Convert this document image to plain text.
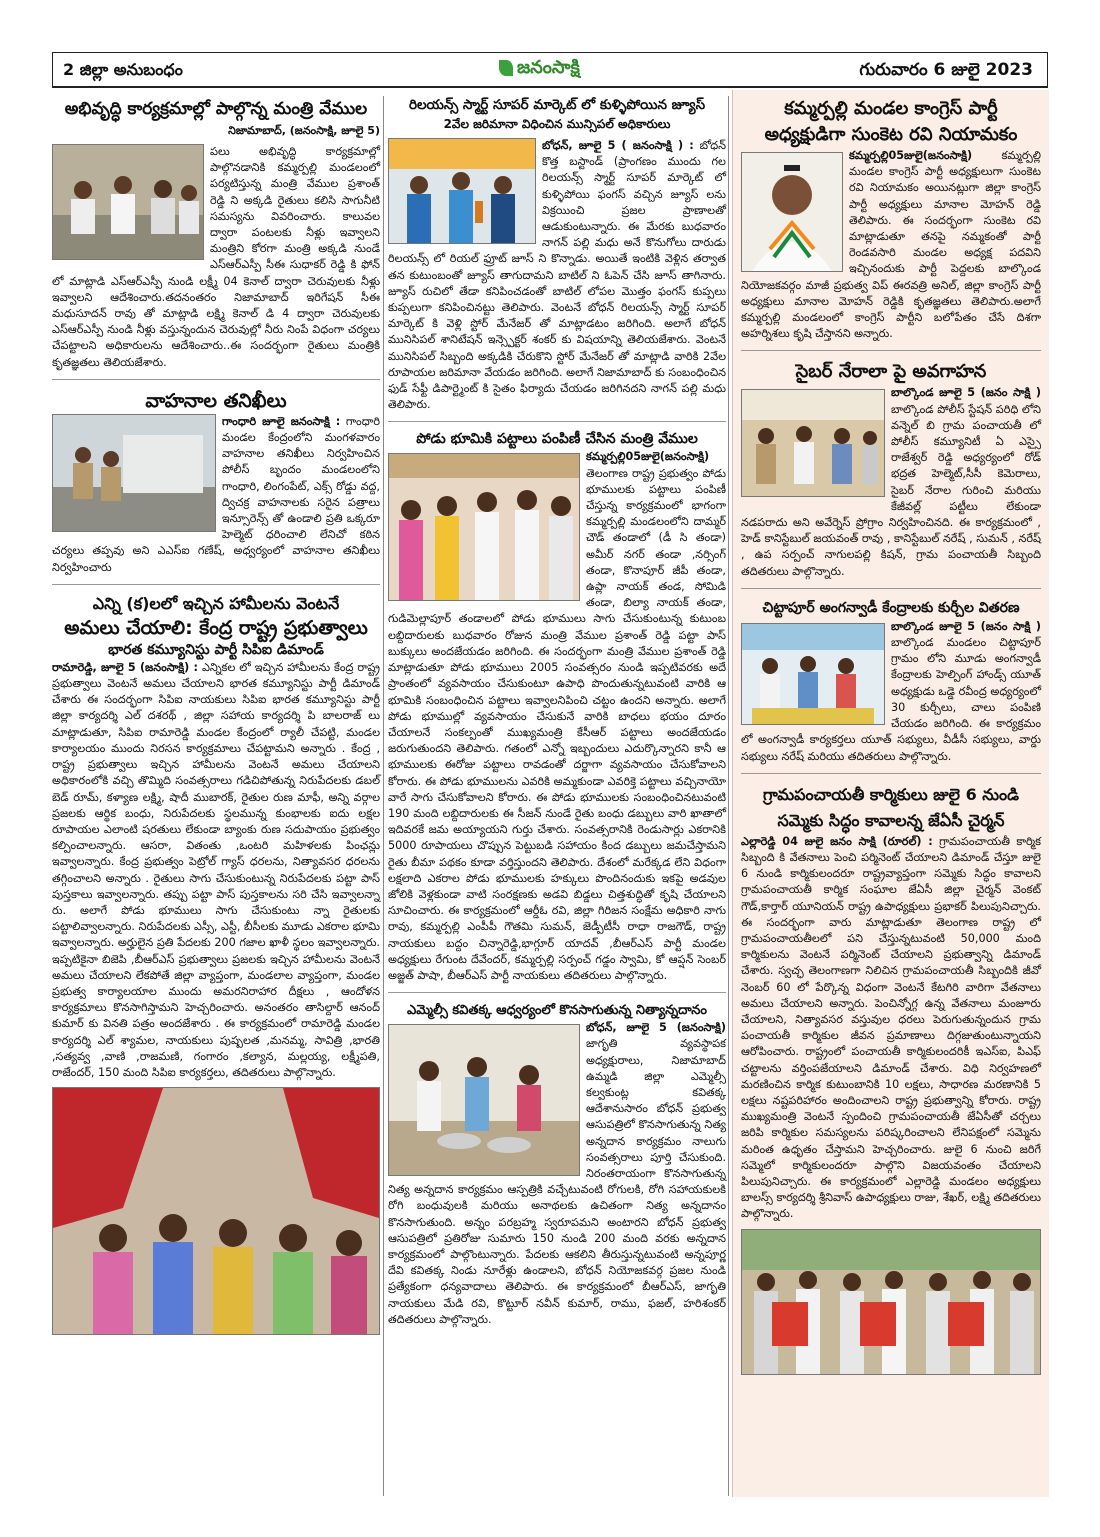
2 జిల్లా అనుబంధం	జనంసాక్షి	గురువారం 6 జులై 2023
అభివృద్ధి కార్యక్రమాల్లో పాల్గొన్న మంత్రి వేముల
నిజామాబాద్, (జనంసాక్షి, జూలై 5)

పలు అభివృద్ధి కార్యక్రమాల్లో పాల్గొనడానికి కమ్మర్పల్లి మండలంలో పర్యటిస్తున్న మంత్రి వేముల ప్రశాంత్ రెడ్డి ని అక్కడి రైతులు కలిసి సాగునీటి సమస్యను వివరించారు. కాలువల ద్వారా పంటలకు నీళ్లు ఇవ్వాలని మంత్రిని కోరగా మంత్రి అక్కడి నుండే ఎస్ఆర్ఎస్పీ సీఈ సుధాకర్ రెడ్డి కి ఫోన్ లో మాట్లాడి ఎస్ఆర్ఎస్పీ నుండి లక్ష్మీ 04 కెనాల్ ద్వారా చెరువులకు నీళ్లు ఇవ్వాలని ఆదేశించారు.తదనంతరం నిజామాబాద్ ఇరిగేషన్ సీఈ మధుసూదన్ రావు తో మాట్లాడి లక్ష్మి కెనాల్ డి 4 ద్వారా చెరువులకు ఎస్ఆర్ఎస్పీ నుండి నీళ్లు వస్తున్నందున చెరువుల్లో నీరు నింపే విధంగా చర్యలు చేపట్టాలని అధికారులను ఆదేశించారు..ఈ సందర్భంగా రైతులు మంత్రికి కృతజ్ఞతలు తెలియజేశారు.

వాహనాల తనిఖీలు

గాంధారి జూలై జనంసాక్షి : గాంధారి మండల కేంద్రంలోని మంగళవారం వాహనాల తనిఖీలు నిర్వహించిన పోలీస్ బృందం మండలంలోని గాంధారి, లింగంపేట్, ఎక్స్ రోడ్డు వద్ద, ద్విచక్ర వాహనాలకు సరైన పత్రాలు ఇన్సూరెన్స్ తో ఉండాలి ప్రతి ఒక్కరూ హెల్మెట్ ధరించాలి లేనిచో కఠిన చర్యలు తప్పవు అని ఎఎస్ఐ గణేష్, అధ్వర్యంలో వాహనాల తనిఖీలు నిర్వహించారు

ఎన్ని (క)లలో ఇచ్చిన హామీలను వెంటనే
అమలు చేయాలి: కేంద్ర రాష్ట్ర ప్రభుత్వాలు
భారత కమ్యూనిస్టు పార్టీ సిపిఐ డిమాండ్

రామారెడ్డి, జూలై 5 (జనంసాక్షి) : ఎన్నికల లో ఇచ్చిన హామీలను కేంద్ర రాష్ట్ర ప్రభుత్వాలు వెంటనే అమలు చేయాలని భారత కమ్యూనిస్టు పార్టీ డిమాండ్ చేశారు ఈ సందర్భంగా సిపిఐ నాయకులు సిపిఐ భారత కమ్యూనిస్టు పార్టీ జిల్లా కార్యదర్శి ఎల్ దశరథ్ , జిల్లా సహాయ కార్యదర్శి పి బాలరాజ్ లు మాట్లాడుతూ, సిపిఐ రామారెడ్డి మండల కేంద్రంలో ర్యాలీ చేపట్టి, మండల కార్యాలయం ముందు నిరసన కార్యక్రమాలు చేపట్టామని అన్నారు . కేంద్ర , రాష్ట్ర ప్రభుత్వాలు ఇచ్చిన హామీలను వెంటనే అమలు చేయాలని అధికారంలోకి వచ్చి తొమ్మిది సంవత్సరాలు గడిచిపోతున్న నిరుపేదలకు డబల్ బెడ్ రూమ్, కళ్యాణ లక్ష్మి, షాదీ ముబారక్, రైతుల రుణ మాఫీ, అన్ని వర్గాల ప్రజలకు ఆర్థిక బంధు, నిరుపేదలకు స్థలమున్న కుంభాలకు ఐదు లక్షల రూపాయల ఎలాంటి షరతులు లేకుండా బ్యాంకు రుణ సదుపాయం ప్రభుత్వం కల్పించాలన్నారు. ఆసరా, వితంతు ,ఒంటరి మహిళలకు పింఛన్లు ఇవ్వాలన్నారు. కేంద్ర ప్రభుత్వం పెట్రోల్ గ్యాస్ ధరలను, నిత్యావసర ధరలను తగ్గించాలని అన్నారు . రైతులు సాగు చేసుకుంటున్న నిరుపేదలకు పట్టా పాస్ పుస్తకాలు ఇవ్వాలన్నారు. తప్పు పట్టా పాస్ పుస్తకాలను సరి చేసి ఇవ్వాలన్నా రు. అలాగే పోడు భూములు సాగు చేసుకుంటు న్నా రైతులకు పట్టాలివ్వాలన్నారు. నిరుపేదలకు ఎస్సీ, ఎస్టీ, బీసీలకు మూడు ఎకరాల భూమి ఇవ్వాలన్నారు. అర్హులైన ప్రతి పేదలకు 200 గజాల ఖాళీ స్థలం ఇవ్వాలన్నారు. ఇప్పటికైనా బిజెపి ,బీఆర్ఎస్ ప్రభుత్వాలు ప్రజలకు ఇచ్చిన హామీలను వెంటనే అమలు చేయాలని లేకపోతే జిల్లా వ్యాప్తంగా, మండలాల వ్యాప్తంగా, మండల ప్రభుత్వ కార్యాలయాల ముందు అమరనిరాహార దీక్షలు , ఆందోళన కార్యక్రమాలు కొనసాగిస్తామని హెచ్చరించారు. అనంతరం తాసిల్దార్ ఆనంద్ కుమార్ కు వినతి పత్రం అందజేశారు . ఈ కార్యక్రమంలో రామారెడ్డి మండల కార్యదర్శి ఎల్ శ్యామల, నాయకులు పుష్పలత ,మనమ్మ, సావిత్రి ,భారతి ,సత్యవ్వ ,వాణి ,రాజమణి, గంగారం ,కల్యాన, మల్లయ్య, లక్ష్మీపతి, రాజేందర్, 150 మంది సిపిఐ కార్యకర్తలు, తదితరులు పాల్గొన్నారు.

రిలయన్స్ స్మార్ట్ సూపర్ మార్కెట్ లో కుళ్ళిపోయిన జ్యూస్
2వేల జరిమానా విధించిన మున్సిపల్ అధికారులు

బోధన్, జూలై 5 ( జనంసాక్షి ) : బోధన్ కొత్త బస్టాండ్ (ప్రాంగణం ముందు గల రిలయన్స్ స్మార్ట్ సూపర్ మార్కెట్ లో కుళ్ళిపోయి ఫంగస్ వచ్చిన జ్యూస్ లను విక్రయించి ప్రజల ప్రాణాలతో ఆడుకుంటున్నారు. ఈ మేరకు బుధవారం నాగన్ పల్లి మధు అనే కొనుగోలు దారుడు రిలయన్స్ లో రియల్ ఫ్రూట్ జూస్ ని కొన్నాడు. అయితే ఇంటికి వెళ్లిన తర్వాత తన కుటుంబంతో జ్యూస్ తాగుదామని బాటిల్ ని ఓపెన్ చేసి జూస్ తాగినారు. జ్యూస్ రుచిలో తేడా కనిపించడంతో బాటిల్ లోపల మొత్తం ఫంగస్ కుప్పలు కుప్పలుగా కనిపించినట్టు తెలిపారు. వెంటనే బోధన్ రిలయన్స్ స్మార్ట్ సూపర్ మార్కెట్ కి వెళ్లి స్టోర్ మేనేజర్ తో మాట్లాడటం జరిగింది. అలాగే బోధన్ మునిసిపల్ శానిటేషన్ ఇన్స్పెక్టర్ శంకర్ కు విషయాన్ని తెలియజేశారు. వెంటనే మునిసిపల్ సిబ్బంది అక్కడికి చేరుకొని స్టోర్ మేనేజర్ తో మాట్లాడి వారికి 2వేల రూపాయల జరిమానా వేయడం జరిగింది. అలాగే నిజామాబాద్ కు సంబంధించిన ఫుడ్ సేఫ్టీ డిపార్ట్మెంట్ కి సైతం ఫిర్యాదు చేయడం జరిగినదని నాగన్ పల్లి మధు తెలిపారు.

పోడు భూమికి పట్టాలు పంపిణీ చేసిన మంత్రి వేముల

కమ్మర్పల్లి05జులై(జనంసాక్షి) తెలంగాణ రాష్ట్ర ప్రభుత్వం పోడు భూములకు పట్టాలు పంపిణీ చేస్తున్న కార్యక్రమంలో భాగంగా కమ్మర్పల్లి మండలంలోని దామ్మర్ చౌడ్ తండాలో (డీ సి తండా) అమీర్ నగర్ తండా ,నర్సింగ్ తండా, కొనాపూర్ జీపీ తండా, ఉప్లా నాయక్ తండ, సోమిడి తండా, బిల్యా నాయక్ తండా, గుడిమెల్లాపూర్ తండాలలో పోడు భూములు సాగు చేసుకుంటున్న కుటుంబ లబ్దిదారులకు బుధవారం రోజున మంత్రి వేముల ప్రశాంత్ రెడ్డి పట్టా పాస్ బుక్కులు అందజేయడం జరిగింది. ఈ సందర్భంగా మంత్రి వేముల ప్రశాంత్ రెడ్డి మాట్లాడుతూ పోడు భూములు 2005 సంవత్సరం నుండి ఇప్పటివరకు అదే ప్రాంతంలో వ్యవసాయం చేసుకుంటూ ఉపాధి పొందుతున్నటువంటి వారికి ఆ భూమికి సంబంధించిన పట్టాలు ఇవ్వాలనిపించి చట్టం ఉందని అన్నారు. అలాగే పోడు భూముల్లో వ్యవసాయం చేసుకునే వారికి బాధలు భయం దూరం చేయాలనే సంకల్పంతో ముఖ్యమంత్రి కేసీఆర్ పట్టాలు అందజేయడం జరుగుతుందని తెలిపారు. గతంలో ఎన్నో ఇబ్బందులు ఎదుర్కొన్నారని కానీ ఆ భూములకు ఈరోజు పట్టాలు రావడంతో దర్జాగా వ్యవసాయం చేసుకోవాలని కోరారు. ఈ పోడు భూములను ఎవరికి అమ్మకుండా ఎవరిక్తె పట్టాలు వచ్చినాయో వారే సాగు చేసుకోవాలని కోరారు. ఈ పోడు భూములకు సంబంధించినటువంటి 190 మంది లబ్దిదారులకు ఈ సీజన్ నుండే రైతు బంధు డబ్బులు వారి ఖాతాలో ఇదివరకే జమ అయ్యాయని గుర్తు చేశారు. సంవత్సరానికి రెండుసార్లు ఎకరానికి 5000 రూపాయలు చొప్పున పెట్టుబడి సహాయం కింద డబ్బులు జమచేస్తామని రైతు బీమా పథకం కూడా వర్తిస్తుందని తెలిపారు. దేశంలో మరేక్కడ లేని విధంగా లక్షలాది ఎకరాల పోడు భూములకు హక్కులు పొందినందుకు ఇకపై అడవుల జోలికి వెళ్లకుండా వాటి సంరక్షణకు అడవి బిడ్డలు చిత్తశుద్ధితో కృషి చేయాలని సూచించారు. ఈ కార్యక్రమంలో ఆర్డీఓ రవి, జిల్లా గిరిజన సంక్షేమ అధికారి నాగు రావు, కమ్మర్పల్లి ఎంపీపీ గౌతమి సుమన్, జెడ్పీటీసీ రాధా రాజగౌడ్, రాష్ట్ర నాయకులు బద్దం చిన్నారెడ్డి,భాగ్గూర్ యాదవ్ ,బీఆర్ఎస్ పార్టీ మండల అధ్యక్షులు రేగుంట దేవేందర్, కమ్మర్పల్లి సర్పంచ్ గడ్డం స్వామి, కో ఆప్షన్ సెంబర్ అజ్జత్ పాషా, బీఆర్ఎస్ పార్టీ నాయకులు తదితరులు పాల్గొన్నారు.

ఎమ్మెల్సీ కవితక్క ఆధ్వర్యంలో కొనసాగుతున్న నిత్యాన్నదానం

బోధన్, జూలై 5 (జనంసాక్షి) జాగృతి వ్యవస్థాపక అధ్యక్షురాలు, నిజామాబాద్ ఉమ్మడి జిల్లా ఎమ్మెల్సీ కల్వకుంట్ల కవితక్క ఆదేశానుసారం బోధన్ ప్రభుత్వ ఆసుపత్రిలో కొనసాగుతున్న నిత్య అన్నదాన కార్యక్రమం నాలుగు సంవత్సరాలు పూర్తి చేసుకుంది. నిరంతరాయంగా కొనసాగుతున్న నిత్య అన్నదాన కార్యక్రమం ఆస్పత్రికి వచ్చేటువంటి రోగులకి, రోగి సహాయకులకి రోగి బంధువులకి మరియు అనాథలకు ఉచితంగా నిత్య అన్నదానం కొనసాగుతుంది. అన్నం పరబ్రహ్మ స్వరూపమని అంటారని బోధన్ ప్రభుత్వ ఆసుపత్రిలో ప్రతిరోజు సుమారు 150 నుండి 200 మంది వరకు అన్నదాన కార్యక్రమంలో పాల్గొంటున్నారు. పేదలకు ఆకలిని తీరుస్తున్నటువంటి అన్నపూర్ణ దేవి కవితక్క నిండు నూరేళ్లు ఉండాలని, బోధన్ నియోజకవర్గ ప్రజల నుండి ప్రత్యేకంగా ధన్యవాదాలు తెలిపారు. ఈ కార్యక్రమంలో బీఆర్ఎస్, జాగృతి నాయకులు మేడి రవి, కొట్టూర్ నవీన్ కుమార్, రాము, ఫజల్, హరిశంకర్ తదితరులు పాల్గొన్నారు.

కమ్మర్పల్లి మండల కాంగ్రెస్ పార్టీ
అధ్యక్షుడిగా సుంకెట రవి నియామకం

కమ్మర్పల్లి05జులై(జనంసాక్షి)	కమ్మర్పల్లి మండల కాంగ్రెస్ పార్టీ అధ్యక్షులుగా సుంకెట రవి నియామకం అయినట్లుగా జిల్లా కాంగ్రెస్ పార్టీ అధ్యక్షులు మానాల మోహన్ రెడ్డి తెలిపారు. ఈ సందర్భంగా సుంకెట రవి మాట్లాడుతూ తనపై నమ్మకంతో పార్టీ రెండవసారి మండల అధ్యక్ష పదవిని ఇచ్చినందుకు పార్టీ పెద్దలకు బాల్కొండ నియోజకవర్గం మాజీ ప్రభుత్వ విప్ ఈరవత్రి అనిల్, జిల్లా కాంగ్రెస్ పార్టీ అధ్యక్షులు మానాల మోహన్ రెడ్డికి కృతజ్ఞతలు తెలిపారు.అలాగే కమ్మర్పల్లి మండలంలో కాంగ్రెస్ పార్టీని బలోపేతం చేసే దిశగా అహర్నిశలు కృషి చేస్తానని అన్నారు.

సైబర్ నేరాలా పై అవగాహన

బాల్కొండ జూలై 5 (జనం సాక్షి ) బాల్కొండ పోలీస్ స్టేషన్ పరిధి లోని వన్నెల్ బి గ్రామ పంచాయతీ లో పోలీస్ కమ్యూనిటీ ఏ ఎస్సై రాజేశ్వర్ రెడ్డి అధ్యర్యంలో రోడ్ భద్రత హెల్మెట్,సీసీ కెమెరాలు, సైబర్ నేరాల గురించి మరియు కేజీవల్ల్ పట్టీలు లేకుండా నడపరాదు అని అవేర్నెస్ ప్రోగ్రాం నిర్వహించినది. ఈ కార్యక్రమంలో , హెడ్ కానిస్టేబుల్ జయవంత్ రావు , కానిస్టేబుల్ నరేష్ , సుమన్ , నరేష్ , ఉప సర్పంచ్ నాగులపల్లి కిషన్, గ్రామ పంచాయతీ సిబ్బంది తదితరులు పాల్గొన్నారు.

చిట్టాపూర్ అంగన్వాడీ కేంద్రాలకు కుర్చీల వితరణ

బాల్కొండ జూలై 5 (జనం సాక్షి ) బాల్కొండ మండలం చిట్టాపూర్ గ్రామం లోని మూడు అంగన్వాడీ కేంద్రాలకు హెల్పింగ్ హాండ్స్ యూత్ అధ్యక్షుడు ఒడ్డె రవీంద్ర అధ్యర్యంలో 30 కుర్చీలు, చాలు పంపిణి చేయడం జరిగింది. ఈ కార్యక్రమం లో అంగన్వాడీ కార్యకర్తలు యూత్ సభ్యులు, వీడీసీ సభ్యులు, వార్డు సభ్యులు నరేష్ మరియు తదితరులు పాల్గొన్నారు.

గ్రామపంచాయతీ కార్మికులు జులై 6 నుండి
సమ్మెకు సిద్ధం కావాలన్న జేఏసీ చైర్మన్

ఎల్లారెడ్డి 04 జులై జనం సాక్షి (రూరల్) : గ్రామపంచాయతీ కార్మిక సిబ్బంది కి వేతనాలు పెంచి పర్మినెంట్ చేయాలని డిమాండ్ చేస్తూ జులై 6 నుండి కార్మికులందరూ రాష్ట్రవ్యాప్తంగా సమ్మెకు సిద్ధం కావాలని గ్రామపంచాయతీ కార్మిక సంఘాల జేఏసీ జిల్లా చైర్మన్ వెంకట్ గౌడ్,కార్తార్ యూనియన్ రాష్ట్ర ఉపాధ్యక్షులు ప్రభాకర్ పిలుపునిచ్చారు. ఈ సందర్భంగా వారు మాట్లాడుతూ తెలంగాణ రాష్ట్ర లో గ్రామపంచాయతీలలో పని చేస్తున్నటువంటి 50,000 మంది కార్మికులను వెంటనే పర్మినెంట్ చేయాలని ప్రభుత్వాన్ని డిమాండ్ చేశారు. స్వచ్ఛ తెలంగాణగా నిలిచిన గ్రామపంచాయతీ సిబ్బందికి జీవో నెంబర్ 60 లో పేర్కొన్న విధంగా వెంటనే కేటగిరి వారిగా వేతనాలు అమలు చేయాలని అన్నారు. పెంచిన్నోగ్గ ఉన్న వేతనాలు మంజూరు చేయాలని, నిత్యావసర వస్తువుల ధరలు పెరుగుతున్నందున గ్రామ పంచాయతీ కార్మికుల జీవన ప్రమాణాలు దిగ్గజుతుంటున్నాయని ఆరోపించారు. రాష్ట్రంలో పంచాయతీ కార్మికులందరికీ ఇఎస్ఐ, పిఎఫ్ చట్టాలను వర్తింపజేయాలని డిమాండ్ చేశారు. విధి నిర్వహణలో మరణించిన కార్మిక కుటుంబానికి 10 లక్షలు, సాధారణ మరణానికి 5 లక్షలు నష్టపరిహారం అందించాలని రాష్ట్ర ప్రభుత్వాన్ని కోరారు. రాష్ట్ర ముఖ్యమంత్రి వెంటనే స్పందించి గ్రామపంచాయతీ జేఏసీతో చర్చలు జరిపి కార్మికుల సమస్యలను పరిష్కరించాలని లేనిపక్షంలో సమ్మెను మరింత ఉధృతం చేస్తామని హెచ్చరించారు. జులై 6 నుంచి జరిగే సమ్మెలో కార్మికులందరూ పాల్గొని విజయవంతం చేయాలని పిలుపునిచ్చారు. ఈ కార్యక్రమంలో ఎల్లారెడ్డి మండలం అధ్యక్షులు బాలస్స్ కార్యదర్శి శ్రీనివాస్ ఉపాధ్యక్షులు రాజు, శేఖర్, లక్ష్మి తదితరులు పాల్గొన్నారు.
